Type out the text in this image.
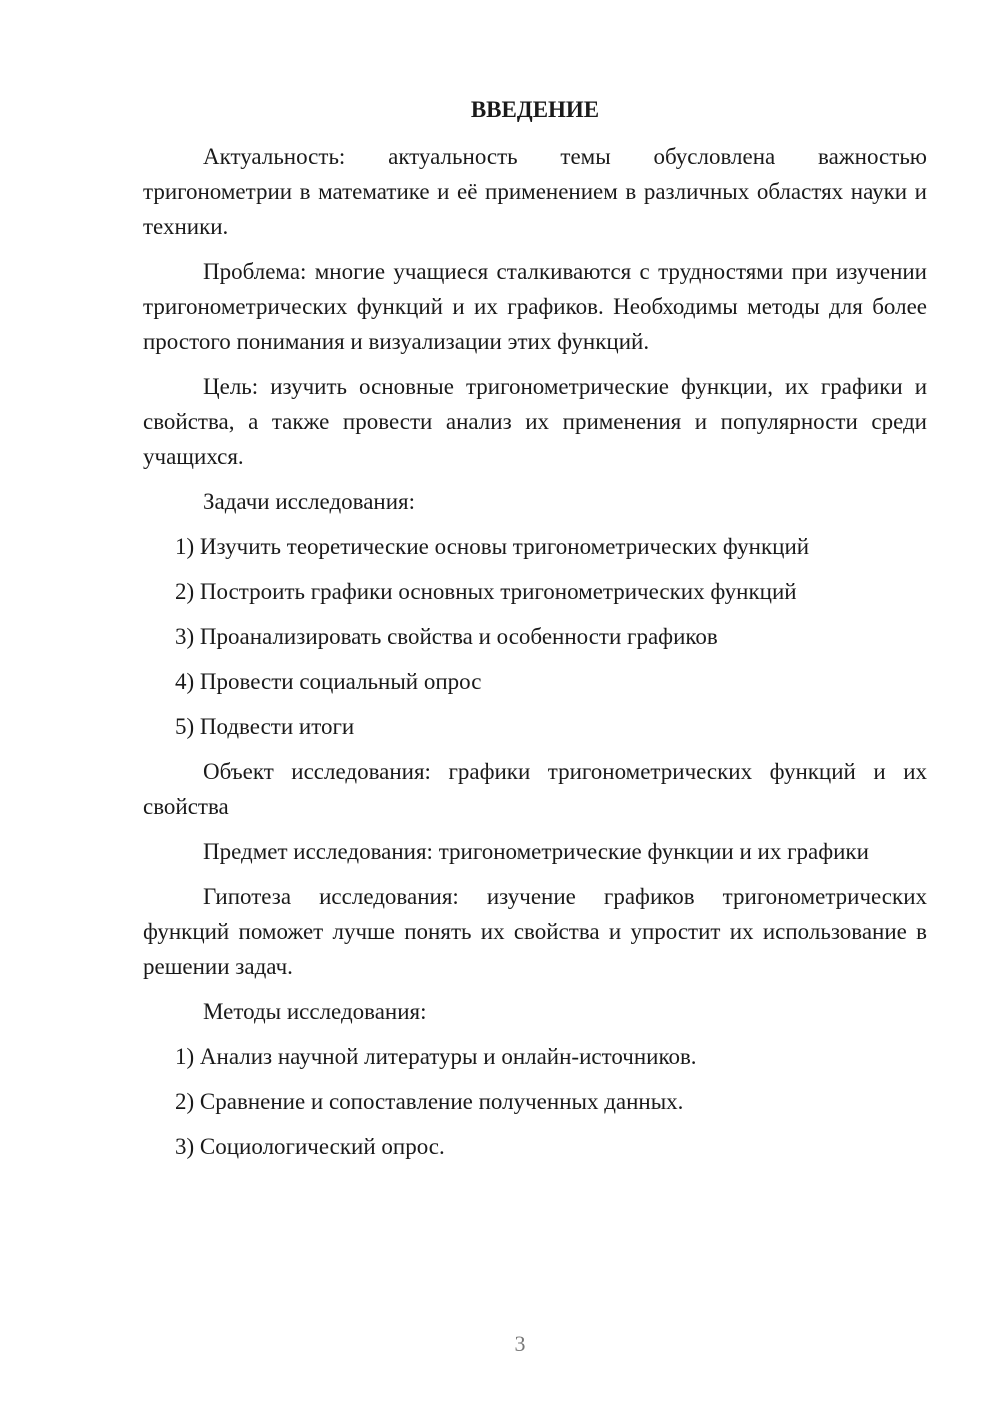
ВВЕДЕНИЕ

Актуальность: актуальность темы обусловлена важностью тригонометрии в математике и её применением в различных областях науки и техники.

Проблема: многие учащиеся сталкиваются с трудностями при изучении тригонометрических функций и их графиков. Необходимы методы для более простого понимания и визуализации этих функций.

Цель: изучить основные тригонометрические функции, их графики и свойства, а также провести анализ их применения и популярности среди учащихся.

Задачи исследования:

1) Изучить теоретические основы тригонометрических функций

2) Построить графики основных тригонометрических функций

3) Проанализировать свойства и особенности графиков

4) Провести социальный опрос

5) Подвести итоги

Объект исследования: графики тригонометрических функций и их свойства

Предмет исследования: тригонометрические функции и их графики

Гипотеза исследования: изучение графиков тригонометрических функций поможет лучше понять их свойства и упростит их использование в решении задач.

Методы исследования:

1) Анализ научной литературы и онлайн-источников.

2) Сравнение и сопоставление полученных данных.

3) Социологический опрос.

3
